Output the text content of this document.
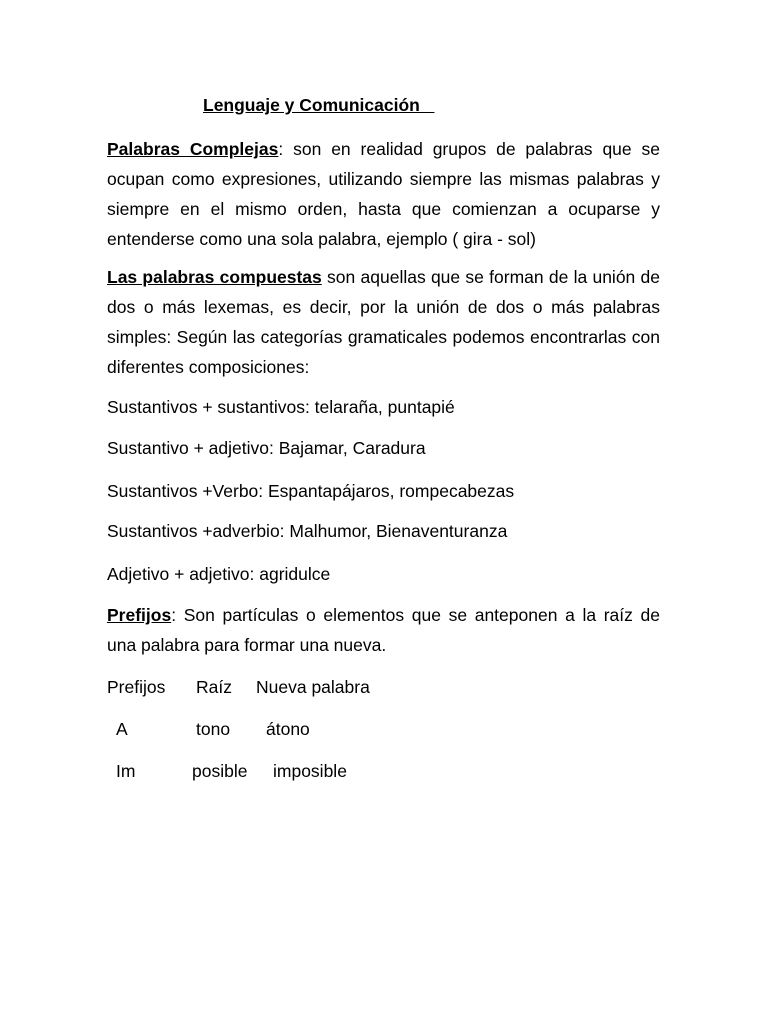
Lenguaje y Comunicación

Palabras Complejas: son en realidad grupos de palabras que se ocupan como expresiones, utilizando siempre las mismas palabras y siempre en el mismo orden, hasta que comienzan a ocuparse y entenderse como una sola palabra, ejemplo ( gira - sol)

Las palabras compuestas son aquellas que se forman de la unión de dos o más lexemas, es decir, por la unión de dos o más palabras simples: Según las categorías gramaticales podemos encontrarlas con diferentes composiciones:

Sustantivos + sustantivos: telaraña, puntapié
Sustantivo + adjetivo: Bajamar, Caradura
Sustantivos +Verbo: Espantapájaros, rompecabezas
Sustantivos +adverbio: Malhumor, Bienaventuranza
Adjetivo + adjetivo: agridulce

Prefijos: Son partículas o elementos que se anteponen a la raíz de una palabra para formar una nueva.

Prefijos Raíz Nueva palabra
A	tono átono
Im	posible imposible
